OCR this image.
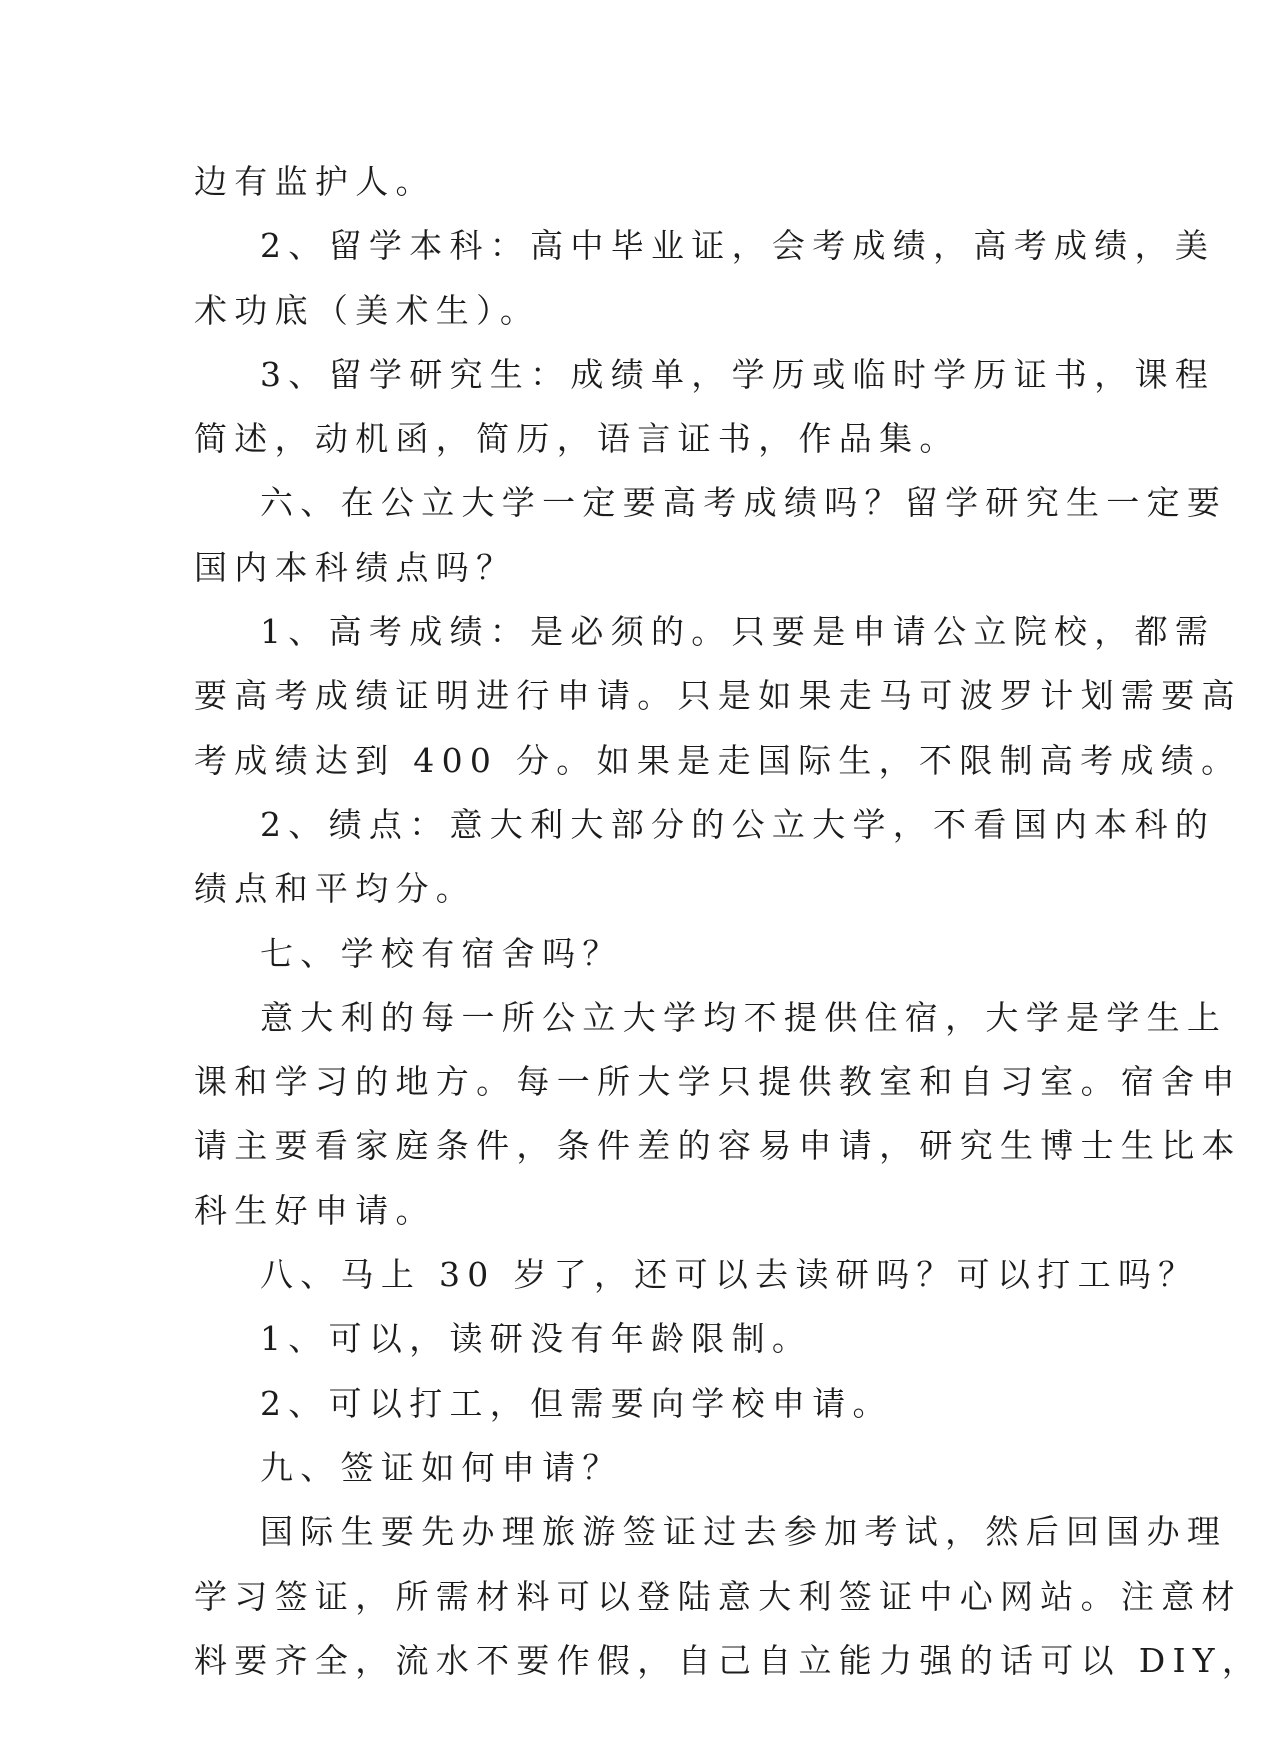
边有监护人。
2、留学本科：高中毕业证，会考成绩，高考成绩，美
术功底（美术生）。
3、留学研究生：成绩单，学历或临时学历证书，课程
简述，动机函，简历，语言证书，作品集。
六、在公立大学一定要高考成绩吗？留学研究生一定要
国内本科绩点吗？
1、高考成绩：是必须的。只要是申请公立院校，都需
要高考成绩证明进行申请。只是如果走马可波罗计划需要高
考成绩达到 400 分。如果是走国际生，不限制高考成绩。
2、绩点：意大利大部分的公立大学，不看国内本科的
绩点和平均分。
七、学校有宿舍吗？
意大利的每一所公立大学均不提供住宿，大学是学生上
课和学习的地方。每一所大学只提供教室和自习室。宿舍申
请主要看家庭条件，条件差的容易申请，研究生博士生比本
科生好申请。
八、马上 30 岁了，还可以去读研吗？可以打工吗？
1、可以，读研没有年龄限制。
2、可以打工，但需要向学校申请。
九、签证如何申请？
国际生要先办理旅游签证过去参加考试，然后回国办理
学习签证，所需材料可以登陆意大利签证中心网站。注意材
料要齐全，流水不要作假，自己自立能力强的话可以 DIY，
